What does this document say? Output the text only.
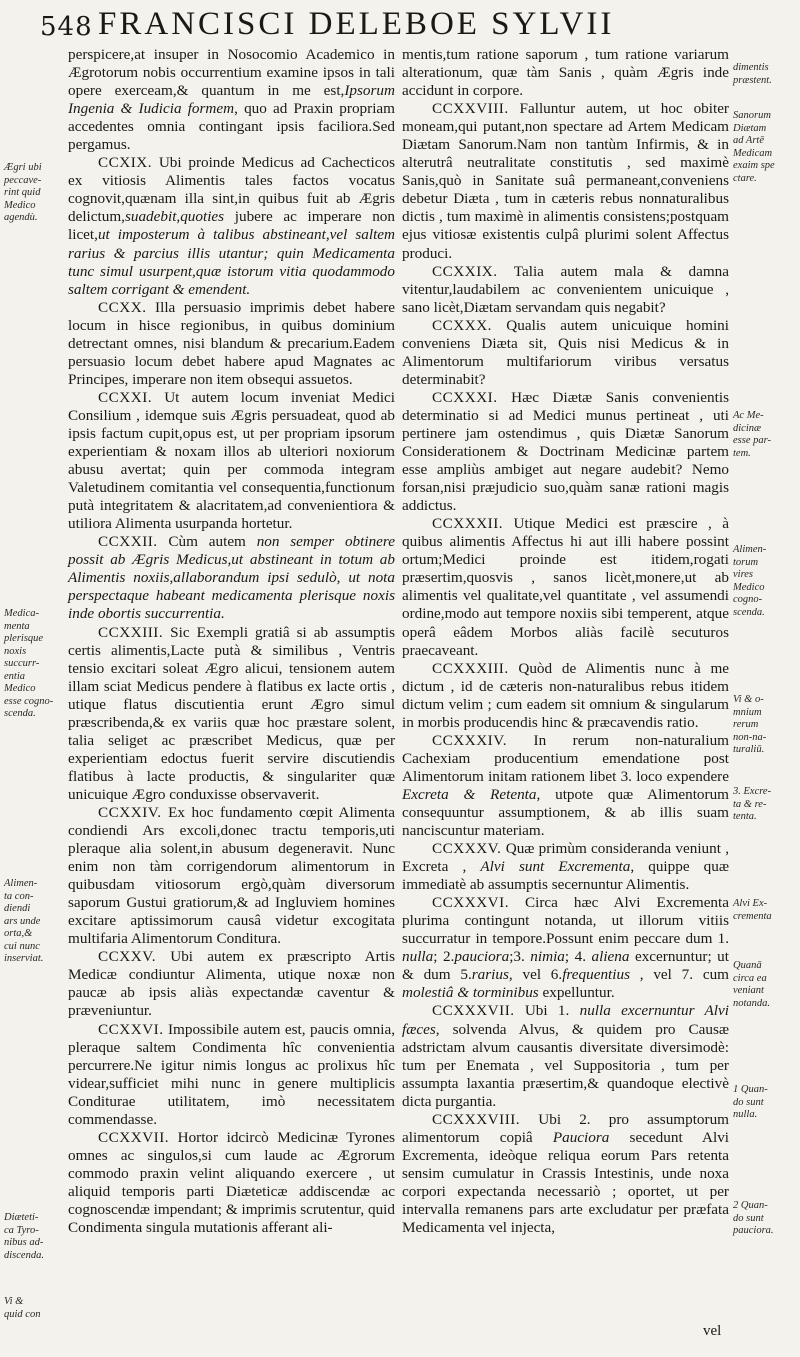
548 FRANCISCI DELEBOE SYLVII

perspicere,at insuper in Nosocomio Academico in Ægrotorum nobis occurrentium examine ipsos in tali opere exerceam,& quantum in me est,Ipsorum Ingenia & Iudicia formem, quo ad Praxin propriam accedentes omnia contingant ipsis faciliora.Sed pergamus.

CCXIX. Ubi proinde Medicus ad Cachecticos ex vitiosis Alimentis tales factos vocatus cognovit,quænam illa sint,in quibus fuit ab Ægris delictum,suadebit,quoties jubere ac imperare non licet,ut imposterum à talibus abstineant,vel saltem rarius & parcius illis utantur; quin Medicamenta tunc simul usurpent,quæ istorum vitia quodammodo saltem corrigant & emendent.

CCXX. Illa persuasio imprimis debet habere locum in hisce regionibus, in quibus dominium detrectant omnes, nisi blandum & precarium.Eadem persuasio locum debet habere apud Magnates ac Principes, imperare non item obsequi assuetos.

CCXXI. Ut autem locum inveniat Medici Consilium , idemque suis Ægris persuadeat, quod ab ipsis factum cupit,opus est, ut per propriam ipsorum experientiam & noxam illos ab ulteriori noxiorum abusu avertat; quin per commoda integram Valetudinem comitantia vel consequentia,functionum putà integritatem & alacritatem,ad convenientiora & utiliora Alimenta usurpanda hortetur.

CCXXII. Cùm autem non semper obtinere possit ab Ægris Medicus,ut abstineant in totum ab Alimentis noxiis,allaborandum ipsi sedulò, ut nota perspectaque habeant medicamenta plerisque noxis inde obortis succurrentia.

CCXXIII. Sic Exempli gratiâ si ab assumptis certis alimentis,Lacte putà & similibus , Ventris tensio excitari soleat Ægro alicui, tensionem autem illam sciat Medicus pendere à flatibus ex lacte ortis , utique flatus discutientia erunt Ægro simul præscribenda,& ex variis quæ hoc præstare solent, talia seliget ac præscribet Medicus, quæ per experientiam edoctus fuerit servire discutiendis flatibus à lacte productis, & singulariter quæ unicuique Ægro conduxisse observaverit.

CCXXIV. Ex hoc fundamento cœpit Alimenta condiendi Ars excoli,donec tractu temporis,uti pleraque alia solent,in abusum degeneravit. Nunc enim non tàm corrigendorum alimentorum in quibusdam vitiosorum ergò,quàm diversorum saporum Gustui gratiorum,& ad Ingluviem homines excitare aptissimorum causâ videtur excogitata multifaria Alimentorum Conditura.

CCXXV. Ubi autem ex præscripto Artis Medicæ condiuntur Alimenta, utique noxæ non paucæ ab ipsis aliàs expectandæ caventur & præveniuntur.

CCXXVI. Impossibile autem est, paucis omnia, pleraque saltem Condimenta hîc convenientia percurrere.Ne igitur nimis longus ac prolixus hîc videar,sufficiet mihi nunc in genere multiplicis Conditurae utilitatem, imò necessitatem commendasse.

CCXXVII. Hortor idcircò Medicinæ Tyrones omnes ac singulos,si cum laude ac Ægrorum commodo praxin velint aliquando exercere , ut aliquid temporis parti Diæteticæ addiscendæ ac cognoscendæ impendant; & imprimis scrutentur, quid Condimenta singula mutationis afferant ali-

mentis,tum ratione saporum , tum ratione variarum alterationum, quæ tàm Sanis , quàm Ægris inde accidunt in corpore.

CCXXVIII. Falluntur autem, ut hoc obiter moneam,qui putant,non spectare ad Artem Medicam Diætam Sanorum.Nam non tantùm Infirmis, & in alterutrâ neutralitate constitutis , sed maximè Sanis,quò in Sanitate suâ permaneant,conveniens debetur Diæta , tum in cæteris rebus nonnaturalibus dictis , tum maximè in alimentis consistens;postquam ejus vitiosæ existentis culpâ plurimi solent Affectus produci.

CCXXIX. Talia autem mala & damna vitentur,laudabilem ac convenientem unicuique , sano licèt,Diætam servandam quis negabit?

CCXXX. Qualis autem unicuique homini conveniens Diæta sit, Quis nisi Medicus & in Alimentorum multifariorum viribus versatus determinabit?

CCXXXI. Hæc Diætæ Sanis convenientis determinatio si ad Medici munus pertineat , uti pertinere jam ostendimus , quis Diætæ Sanorum Considerationem & Doctrinam Medicinæ partem esse ampliùs ambiget aut negare audebit? Nemo forsan,nisi præjudicio suo,quàm sanæ rationi magis addictus.

CCXXXII. Utique Medici est præscire , à quibus alimentis Affectus hi aut illi habere possint ortum;Medici proinde est itidem,rogati præsertim,quosvis , sanos licèt,monere,ut ab alimentis vel qualitate,vel quantitate , vel assumendi ordine,modo aut tempore noxiis sibi temperent, atque operâ eâdem Morbos aliàs facilè secuturos praecaveant.

CCXXXIII. Quòd de Alimentis nunc à me dictum , id de cæteris non-naturalibus rebus itidem dictum velim ; cum eadem sit omnium & singularum in morbis producendis hinc & præcavendis ratio.

CCXXXIV. In rerum non-naturalium Cachexiam producentium emendatione post Alimentorum initam rationem libet 3. loco expendere Excreta & Retenta, utpote quæ Alimentorum consequuntur assumptionem, & ab illis suam nanciscuntur materiam.

CCXXXV. Quæ primùm consideranda veniunt , Excreta , Alvi sunt Excrementa, quippe quæ immediatè ab assumptis secernuntur Alimentis.

CCXXXVI. Circa hæc Alvi Excrementa plurima contingunt notanda, ut illorum vitiis succurratur in tempore.Possunt enim peccare dum 1. nulla; 2.pauciora;3. nimia; 4. aliena excernuntur; ut & dum 5.rarius, vel 6.frequentius , vel 7. cum molestiâ & torminibus expelluntur.

CCXXXVII. Ubi 1. nulla excernuntur Alvi fæces, solvenda Alvus, & quidem pro Causæ adstrictam alvum causantis diversitate diversimodè: tum per Enemata , vel Suppositoria , tum per assumpta laxantia præsertim,& quandoque electivè dicta purgantia.

CCXXXVIII. Ubi 2. pro assumptorum alimentorum copiâ Pauciora secedunt Alvi Excrementa, ideòque reliqua eorum Pars retenta sensim cumulatur in Crassis Intestinis, unde noxa corpori expectanda necessariò ; oportet, ut per intervalla remanens pars arte excludatur per præfata Medicamenta vel injecta,

Ægri ubi
peccave-
rint quid
Medico
agendù.
Medica-
menta
plerisque
noxis
succurr-
entia
Medico
esse cogno-
scenda.
Alimen-
ta con-
diendi
ars unde
orta,&
cui nunc
inserviat.
Diæteti-
ca Tyro-
nibus ad-
discenda.
Vi &
quid con
dimentis
præstent.
Sanorum
Diætam
ad Artē
Medicam
exaim spe
ctare.
Ac Me-
dicinæ
esse par-
tem.
Alimen-
torum
vires
Medico
cogno-
scenda.
Vi & o-
mnium
rerum
non-na-
turaliū.
3. Excre-
ta & re-
tenta.
Alvi Ex-
crementa
Quanā
circa ea
veniant
notanda.
1 Quan-
do sunt
nulla.
2 Quan-
do sunt
pauciora.
vel
